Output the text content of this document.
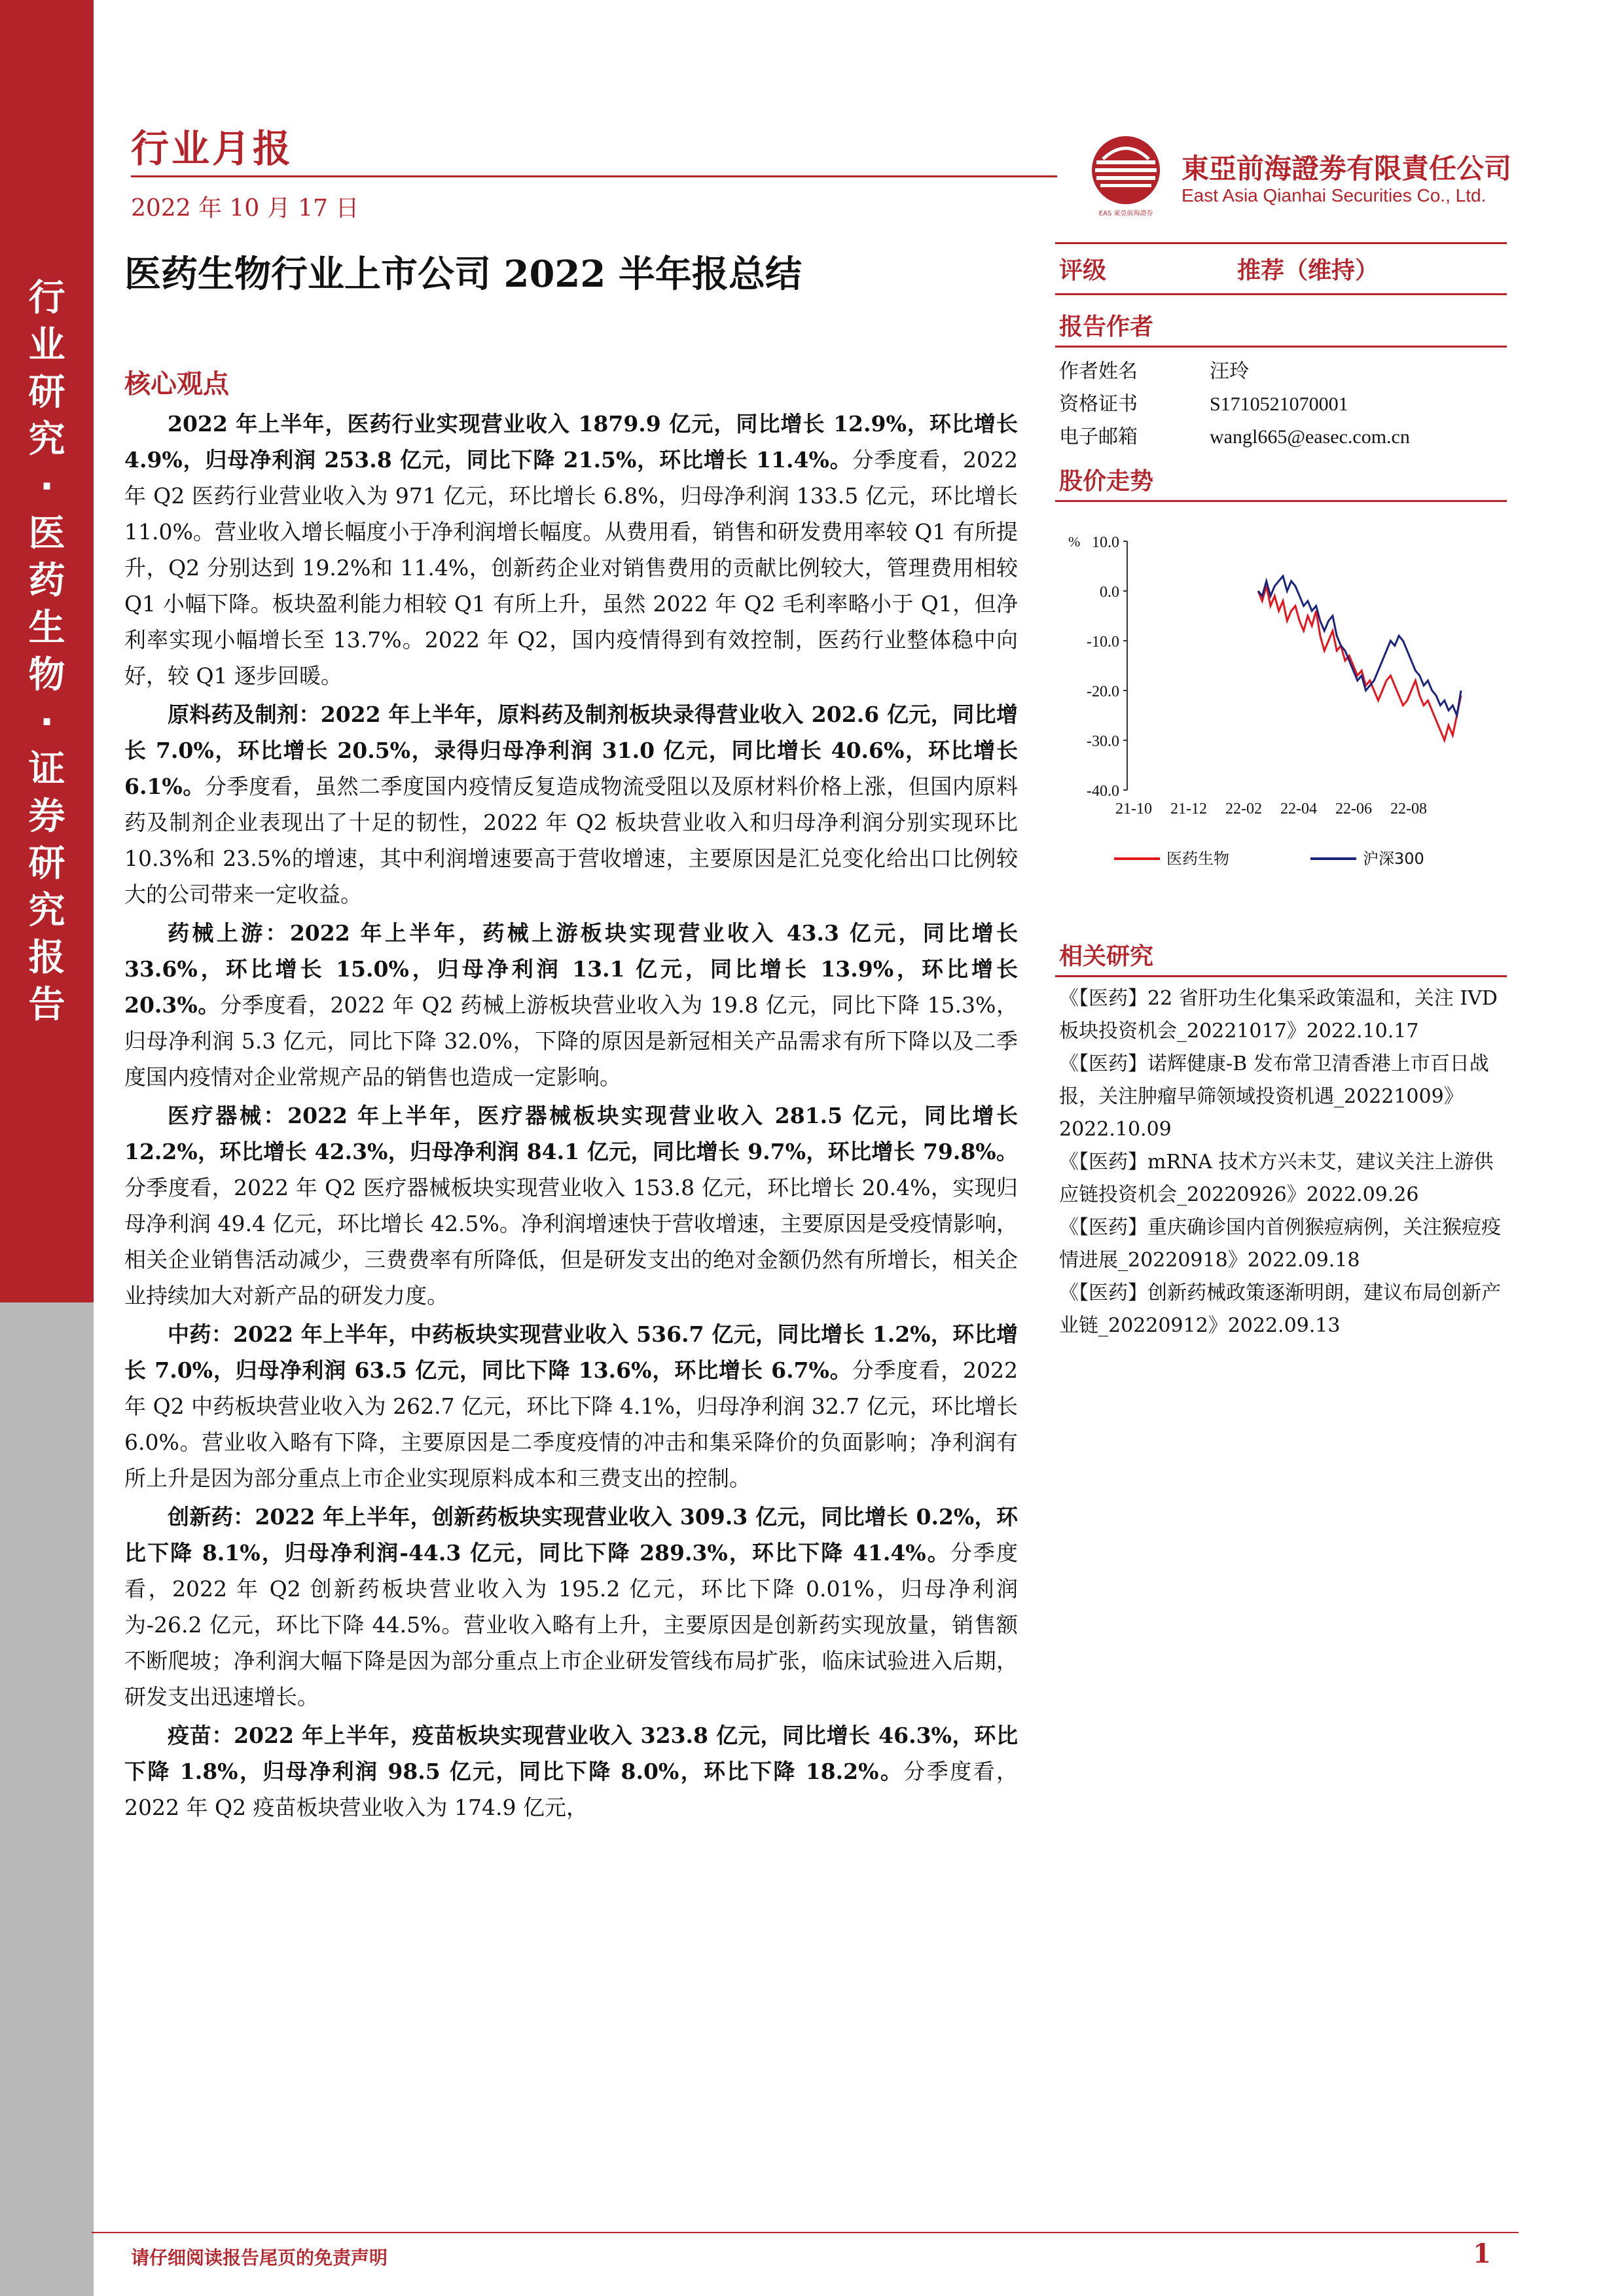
行
业
研
究
·
医
药
生
物
·
证
券
研
究
报
告
行业月报
2022 年 10 月 17 日	EAS 東亞前海證券
東亞前海證劵有限責任公司
East Asia Qianhai Securities Co., Ltd.
医药生物行业上市公司 2022 半年报总结
核心观点

2022 年上半年，医药行业实现营业收入 1879.9 亿元，同比增长 12.9%，环比增长 4.9%，归母净利润 253.8 亿元，同比下降 21.5%，环比增长 11.4%。分季度看，2022 年 Q2 医药行业营业收入为 971 亿元，环比增长 6.8%，归母净利润 133.5 亿元，环比增长 11.0%。营业收入增长幅度小于净利润增长幅度。从费用看，销售和研发费用率较 Q1 有所提升，Q2 分别达到 19.2%和 11.4%，创新药企业对销售费用的贡献比例较大，管理费用相较 Q1 小幅下降。板块盈利能力相较 Q1 有所上升，虽然 2022 年 Q2 毛利率略小于 Q1，但净利率实现小幅增长至 13.7%。2022 年 Q2，国内疫情得到有效控制，医药行业整体稳中向好，较 Q1 逐步回暖。

原料药及制剂：2022 年上半年，原料药及制剂板块录得营业收入 202.6 亿元，同比增长 7.0%，环比增长 20.5%，录得归母净利润 31.0 亿元，同比增长 40.6%，环比增长 6.1%。分季度看，虽然二季度国内疫情反复造成物流受阻以及原材料价格上涨，但国内原料药及制剂企业表现出了十足的韧性，2022 年 Q2 板块营业收入和归母净利润分别实现环比 10.3%和 23.5%的增速，其中利润增速要高于营收增速，主要原因是汇兑变化给出口比例较大的公司带来一定收益。

药械上游：2022 年上半年，药械上游板块实现营业收入 43.3 亿元，同比增长 33.6%，环比增长 15.0%，归母净利润 13.1 亿元，同比增长 13.9%，环比增长 20.3%。分季度看，2022 年 Q2 药械上游板块营业收入为 19.8 亿元，同比下降 15.3%，归母净利润 5.3 亿元，同比下降 32.0%，下降的原因是新冠相关产品需求有所下降以及二季度国内疫情对企业常规产品的销售也造成一定影响。

医疗器械：2022 年上半年，医疗器械板块实现营业收入 281.5 亿元，同比增长 12.2%，环比增长 42.3%，归母净利润 84.1 亿元，同比增长 9.7%，环比增长 79.8%。分季度看，2022 年 Q2 医疗器械板块实现营业收入 153.8 亿元，环比增长 20.4%，实现归母净利润 49.4 亿元，环比增长 42.5%。净利润增速快于营收增速，主要原因是受疫情影响，相关企业销售活动减少，三费费率有所降低，但是研发支出的绝对金额仍然有所增长，相关企业持续加大对新产品的研发力度。

中药：2022 年上半年，中药板块实现营业收入 536.7 亿元，同比增长 1.2%，环比增长 7.0%，归母净利润 63.5 亿元，同比下降 13.6%，环比增长 6.7%。分季度看，2022 年 Q2 中药板块营业收入为 262.7 亿元，环比下降 4.1%，归母净利润 32.7 亿元，环比增长 6.0%。营业收入略有下降，主要原因是二季度疫情的冲击和集采降价的负面影响；净利润有所上升是因为部分重点上市企业实现原料成本和三费支出的控制。

创新药：2022 年上半年，创新药板块实现营业收入 309.3 亿元，同比增长 0.2%，环比下降 8.1%，归母净利润-44.3 亿元，同比下降 289.3%，环比下降 41.4%。分季度看，2022 年 Q2 创新药板块营业收入为 195.2 亿元，环比下降 0.01%，归母净利润为-26.2 亿元，环比下降 44.5%。营业收入略有上升，主要原因是创新药实现放量，销售额不断爬坡；净利润大幅下降是因为部分重点上市企业研发管线布局扩张，临床试验进入后期，研发支出迅速增长。

疫苗：2022 年上半年，疫苗板块实现营业收入 323.8 亿元，同比增长 46.3%，环比下降 1.8%，归母净利润 98.5 亿元，同比下降 8.0%，环比下降 18.2%。分季度看，2022 年 Q2 疫苗板块营业收入为 174.9 亿元，

评级	推荐（维持）
报告作者
作者姓名	汪玲
资格证书	S1710521070001
电子邮箱	wangl665@easec.com.cn
股价走势
10.0
0.0
-10.0
-20.0
-30.0
-40.0
%
21-10 21-12 22-02 22-04 22-06 22-08
医药生物	沪深300
相关研究
《【医药】22 省肝功生化集采政策温和，关注 IVD 板块投资机会_20221017》2022.10.17
《【医药】诺辉健康-B 发布常卫清香港上市百日战报，关注肿瘤早筛领域投资机遇_20221009》2022.10.09
《【医药】mRNA 技术方兴未艾，建议关注上游供应链投资机会_20220926》2022.09.26
《【医药】重庆确诊国内首例猴痘病例，关注猴痘疫情进展_20220918》2022.09.18
《【医药】创新药械政策逐渐明朗，建议布局创新产业链_20220912》2022.09.13
请仔细阅读报告尾页的免责声明	1
